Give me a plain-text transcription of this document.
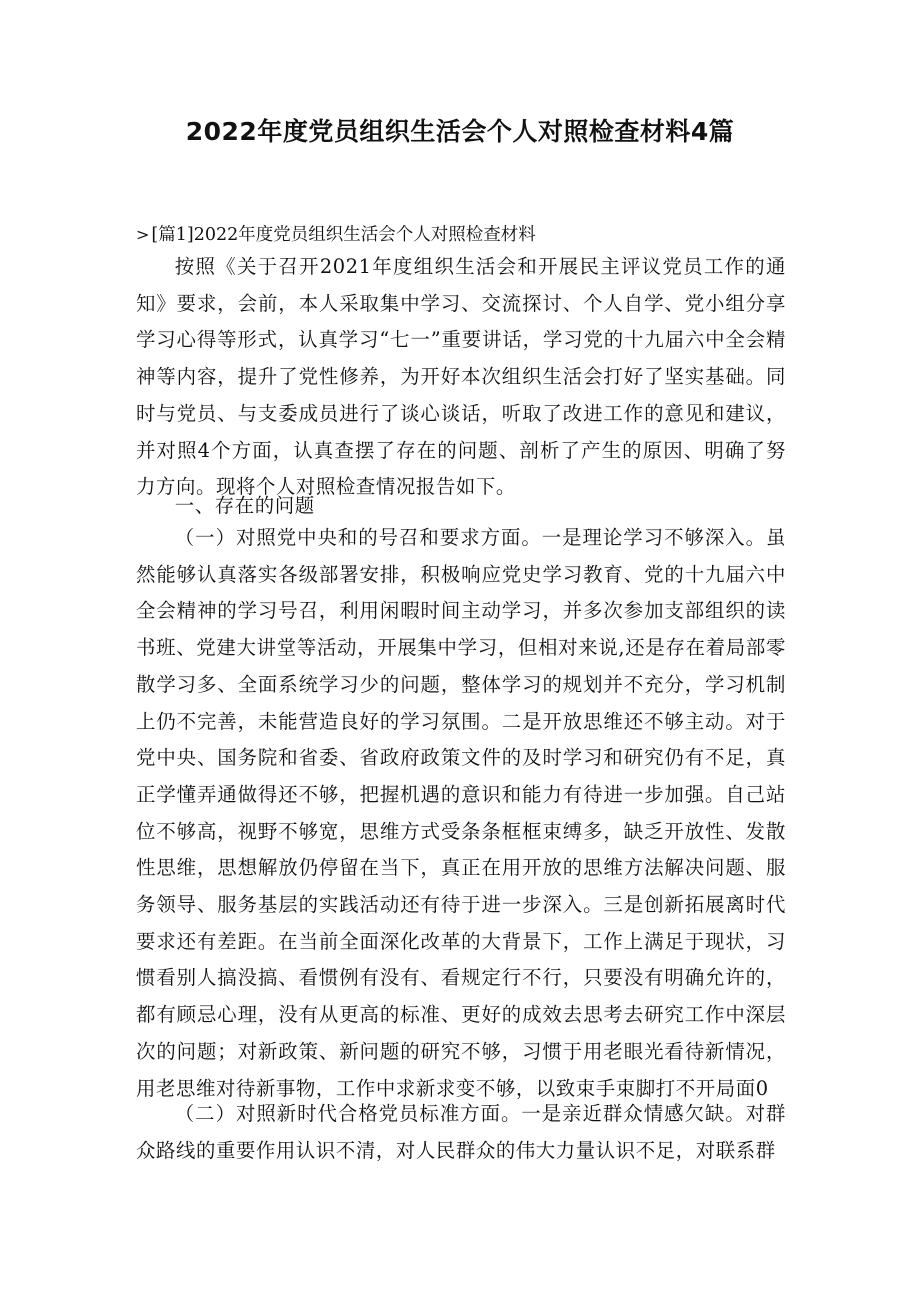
2022年度党员组织生活会个人对照检查材料4篇
> [篇1]2022年度党员组织生活会个人对照检查材料

按照《关于召开2021年度组织生活会和开展民主评议党员工作的通知》要求，会前，本人采取集中学习、交流探讨、个人自学、党小组分享学习心得等形式，认真学习“七一”重要讲话，学习党的十九届六中全会精神等内容，提升了党性修养，为开好本次组织生活会打好了坚实基础。同时与党员、与支委成员进行了谈心谈话，听取了改进工作的意见和建议，并对照4个方面，认真查摆了存在的问题、剖析了产生的原因、明确了努力方向。现将个人对照检查情况报告如下。

一、存在的问题

（一）对照党中央和的号召和要求方面。一是理论学习不够深入。虽然能够认真落实各级部署安排，积极响应党史学习教育、党的十九届六中全会精神的学习号召，利用闲暇时间主动学习，并多次参加支部组织的读书班、党建大讲堂等活动，开展集中学习，但相对来说,还是存在着局部零散学习多、全面系统学习少的问题，整体学习的规划并不充分，学习机制上仍不完善，未能营造良好的学习氛围。二是开放思维还不够主动。对于党中央、国务院和省委、省政府政策文件的及时学习和研究仍有不足，真正学懂弄通做得还不够，把握机遇的意识和能力有待进一步加强。自己站位不够高，视野不够宽，思维方式受条条框框束缚多，缺乏开放性、发散性思维，思想解放仍停留在当下，真正在用开放的思维方法解决问题、服务领导、服务基层的实践活动还有待于进一步深入。三是创新拓展离时代要求还有差距。在当前全面深化改革的大背景下，工作上满足于现状，习惯看别人搞没搞、看惯例有没有、看规定行不行，只要没有明确允许的，都有顾忌心理，没有从更高的标准、更好的成效去思考去研究工作中深层次的问题；对新政策、新问题的研究不够，习惯于用老眼光看待新情况，用老思维对待新事物，工作中求新求变不够，以致束手束脚打不开局面0

（二）对照新时代合格党员标准方面。一是亲近群众情感欠缺。对群众路线的重要作用认识不清，对人民群众的伟大力量认识不足，对联系群
